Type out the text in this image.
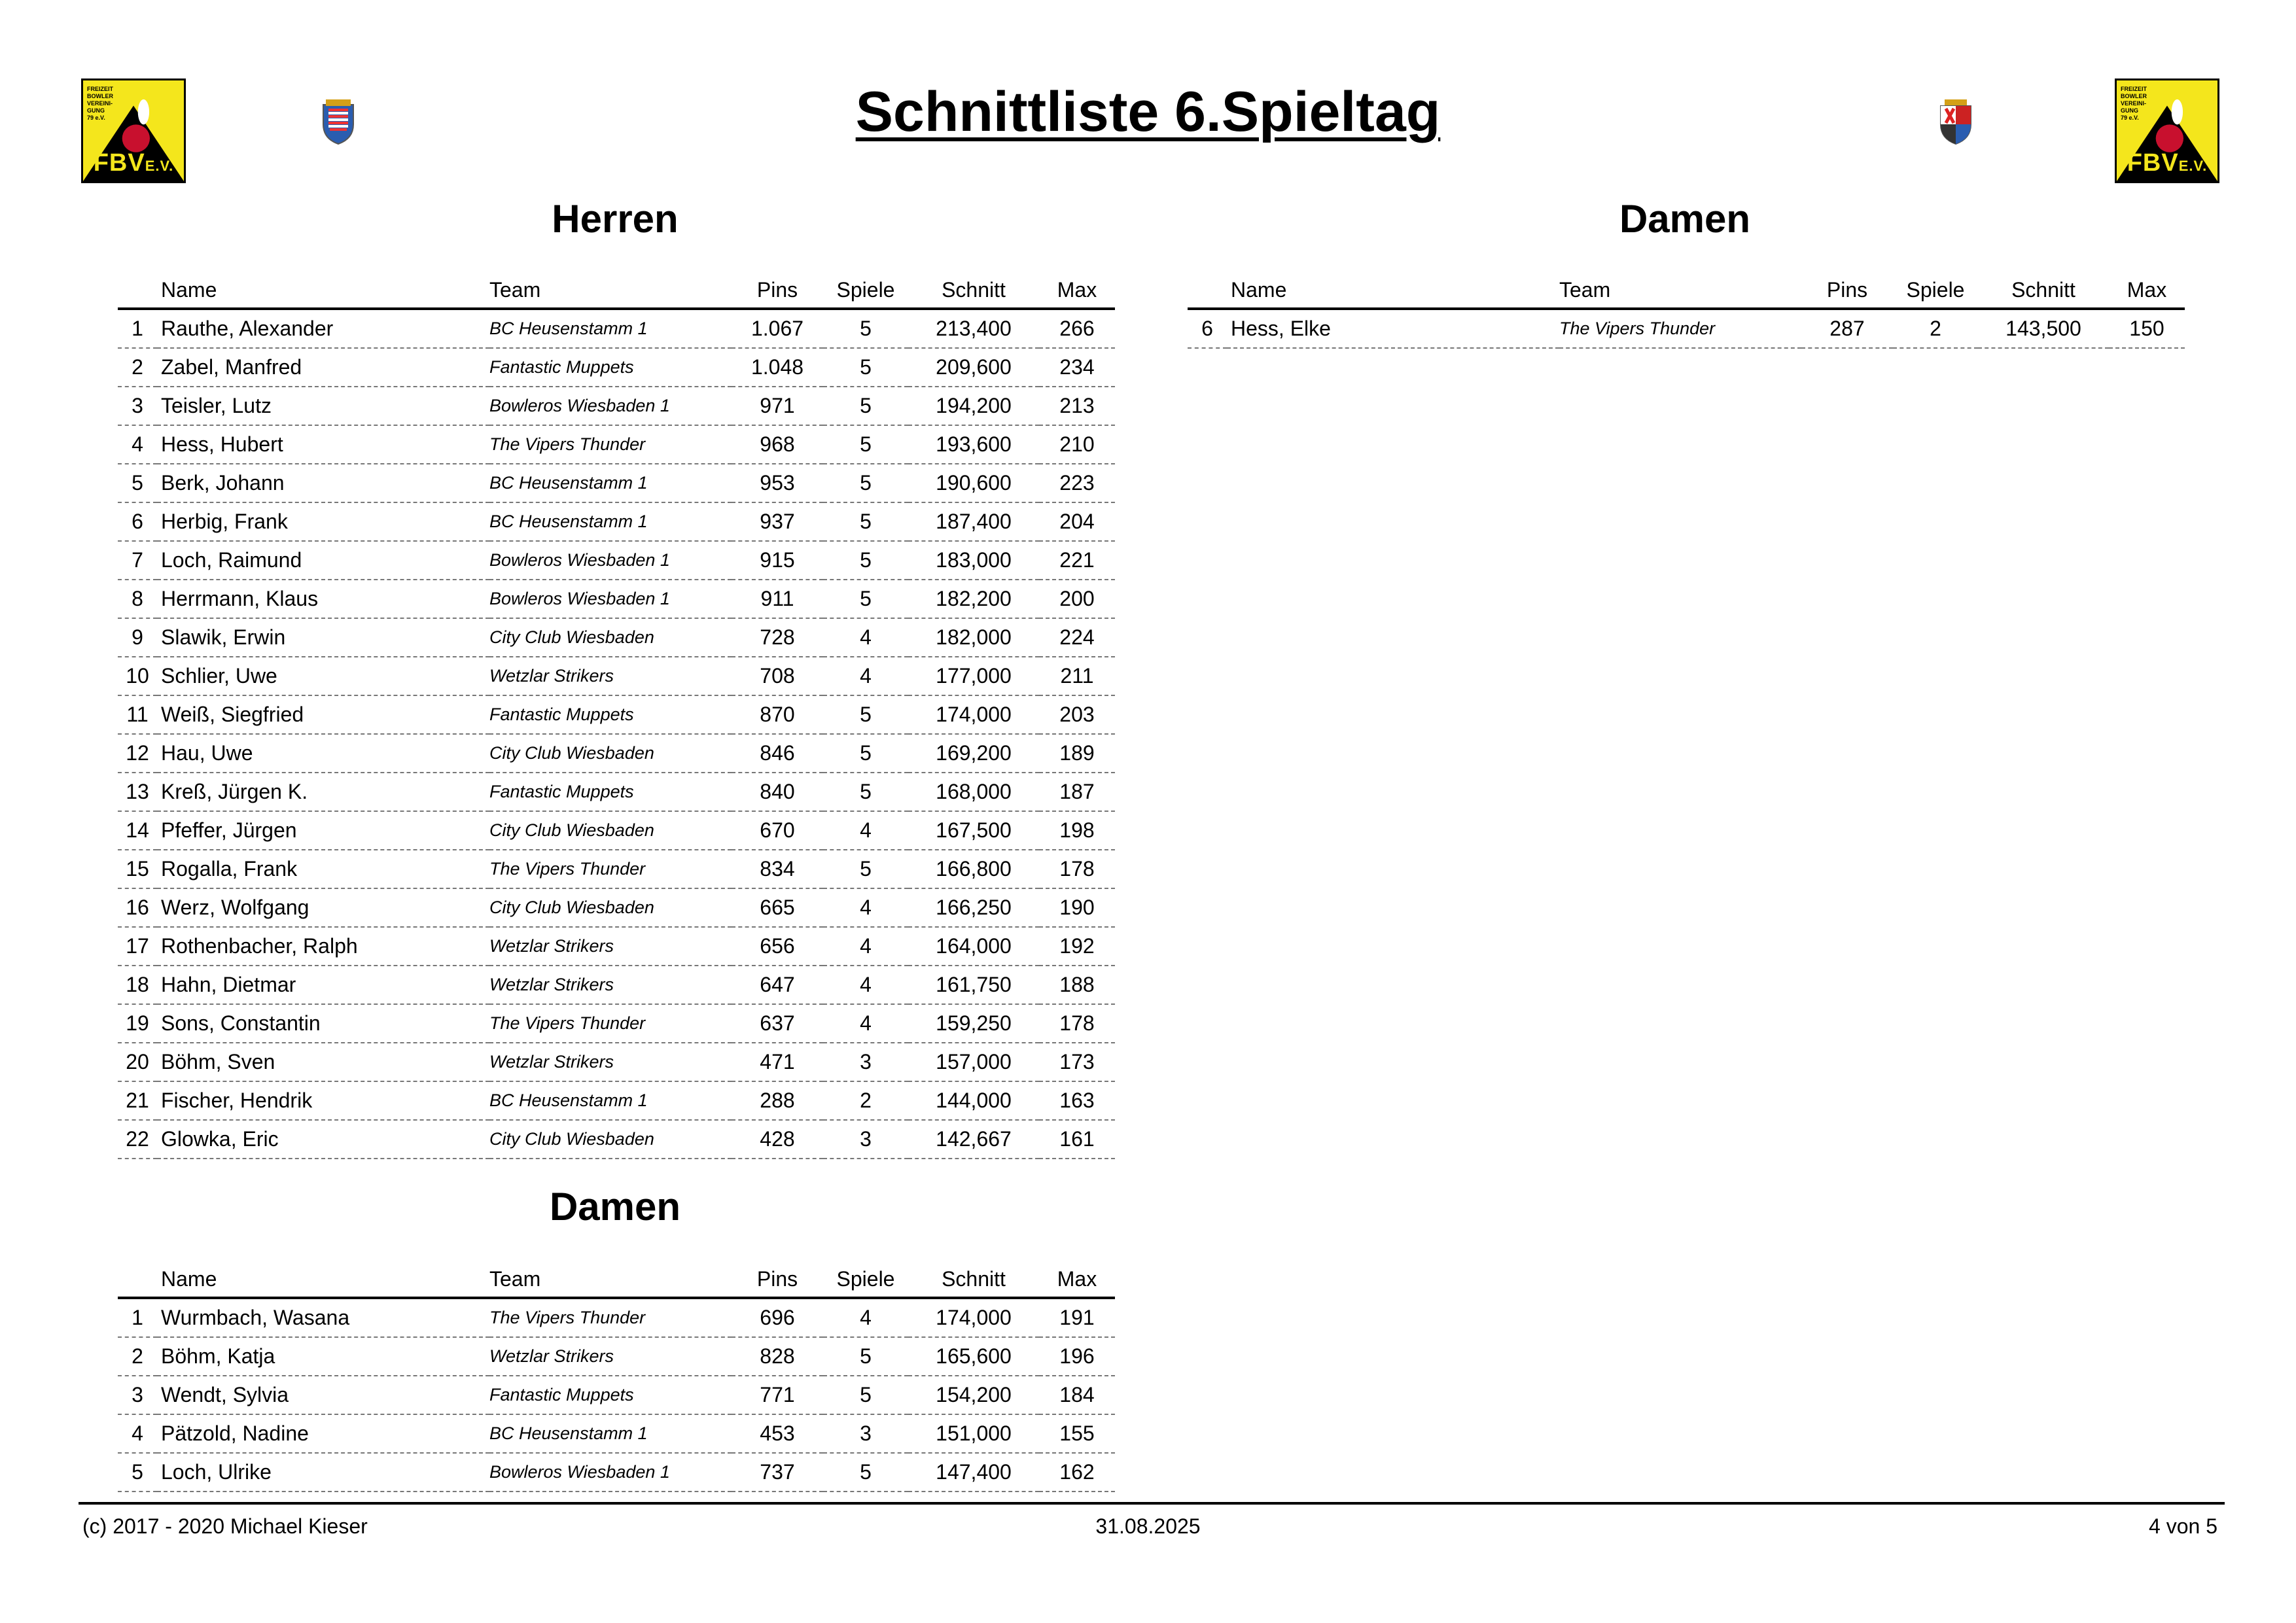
FREIZEIT
BOWLER
VEREINI-
GUNG
79 e.V.
FBVE.V.
Schnittliste 6.Spieltag	FREIZEIT
BOWLER
VEREINI-
GUNG
79 e.V.
FBVE.V.
Herren	Damen
Damen
	Name	Team	Pins	Spiele	Schnitt	Max
1	Rauthe, Alexander	BC Heusenstamm 1	1.067	5	213,400	266
2	Zabel, Manfred	Fantastic Muppets	1.048	5	209,600	234
3	Teisler, Lutz	Bowleros Wiesbaden 1	971	5	194,200	213
4	Hess, Hubert	The Vipers Thunder	968	5	193,600	210
5	Berk, Johann	BC Heusenstamm 1	953	5	190,600	223
6	Herbig, Frank	BC Heusenstamm 1	937	5	187,400	204
7	Loch, Raimund	Bowleros Wiesbaden 1	915	5	183,000	221
8	Herrmann, Klaus	Bowleros Wiesbaden 1	911	5	182,200	200
9	Slawik, Erwin	City Club Wiesbaden	728	4	182,000	224
10	Schlier, Uwe	Wetzlar Strikers	708	4	177,000	211
11	Weiß, Siegfried	Fantastic Muppets	870	5	174,000	203
12	Hau, Uwe	City Club Wiesbaden	846	5	169,200	189
13	Kreß, Jürgen K.	Fantastic Muppets	840	5	168,000	187
14	Pfeffer, Jürgen	City Club Wiesbaden	670	4	167,500	198
15	Rogalla, Frank	The Vipers Thunder	834	5	166,800	178
16	Werz, Wolfgang	City Club Wiesbaden	665	4	166,250	190
17	Rothenbacher, Ralph	Wetzlar Strikers	656	4	164,000	192
18	Hahn, Dietmar	Wetzlar Strikers	647	4	161,750	188
19	Sons, Constantin	The Vipers Thunder	637	4	159,250	178
20	Böhm, Sven	Wetzlar Strikers	471	3	157,000	173
21	Fischer, Hendrik	BC Heusenstamm 1	288	2	144,000	163
22	Glowka, Eric	City Club Wiesbaden	428	3	142,667	161
	Name	Team	Pins	Spiele	Schnitt	Max
1	Wurmbach, Wasana	The Vipers Thunder	696	4	174,000	191
2	Böhm, Katja	Wetzlar Strikers	828	5	165,600	196
3	Wendt, Sylvia	Fantastic Muppets	771	5	154,200	184
4	Pätzold, Nadine	BC Heusenstamm 1	453	3	151,000	155
5	Loch, Ulrike	Bowleros Wiesbaden 1	737	5	147,400	162
	Name	Team	Pins	Spiele	Schnitt	Max
6	Hess, Elke	The Vipers Thunder	287	2	143,500	150
(c) 2017 - 2020 Michael Kieser	31.08.2025	4 von 5
